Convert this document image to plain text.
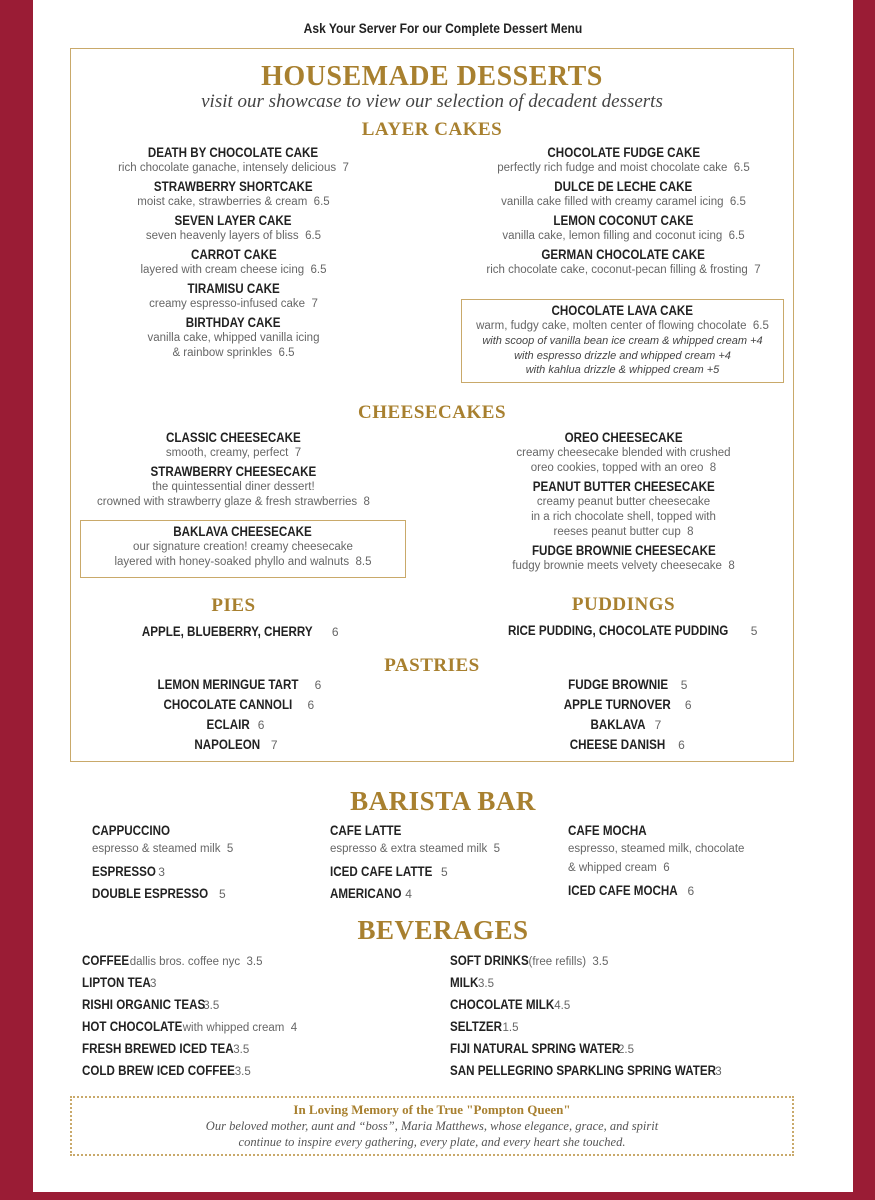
Ask Your Server For our Complete Dessert Menu
HOUSEMADE DESSERTS
visit our showcase to view our selection of decadent desserts
LAYER CAKES
DEATH BY CHOCOLATE CAKE
rich chocolate ganache, intensely delicious  7
STRAWBERRY SHORTCAKE
moist cake, strawberries & cream  6.5
SEVEN LAYER CAKE
seven heavenly layers of bliss  6.5
CARROT CAKE
layered with cream cheese icing  6.5
TIRAMISU CAKE
creamy espresso-infused cake  7
BIRTHDAY CAKE
vanilla cake, whipped vanilla icing
& rainbow sprinkles  6.5
CHOCOLATE FUDGE CAKE
perfectly rich fudge and moist chocolate cake  6.5
DULCE DE LECHE CAKE
vanilla cake filled with creamy caramel icing  6.5
LEMON COCONUT CAKE
vanilla cake, lemon filling and coconut icing  6.5
GERMAN CHOCOLATE CAKE
rich chocolate cake, coconut-pecan filling & frosting  7
CHOCOLATE LAVA CAKE
warm, fudgy cake, molten center of flowing chocolate  6.5
with scoop of vanilla bean ice cream & whipped cream +4
with espresso drizzle and whipped cream +4
with kahlua drizzle & whipped cream +5
CHEESECAKES
CLASSIC CHEESECAKE
smooth, creamy, perfect  7
STRAWBERRY CHEESECAKE
the quintessential diner dessert!
crowned with strawberry glaze & fresh strawberries  8
BAKLAVA CHEESECAKE
our signature creation! creamy cheesecake
layered with honey-soaked phyllo and walnuts  8.5
OREO CHEESECAKE
creamy cheesecake blended with crushed
oreo cookies, topped with an oreo  8
PEANUT BUTTER CHEESECAKE
creamy peanut butter cheesecake
in a rich chocolate shell, topped with
reeses peanut butter cup  8
FUDGE BROWNIE CHEESECAKE
fudgy brownie meets velvety cheesecake  8
PIES
APPLE, BLUEBERRY, CHERRY 6
PUDDINGS
RICE PUDDING, CHOCOLATE PUDDING 5
PASTRIES
LEMON MERINGUE TART 6
CHOCOLATE CANNOLI 6
ECLAIR 6
NAPOLEON 7
FUDGE BROWNIE 5
APPLE TURNOVER 6
BAKLAVA 7
CHEESE DANISH 6
BARISTA BAR
CAPPUCCINO
espresso & steamed milk  5
ESPRESSO 3
DOUBLE ESPRESSO 5
CAFE LATTE
espresso & extra steamed milk  5
ICED CAFE LATTE 5
AMERICANO 4
CAFE MOCHA
espresso, steamed milk, chocolate
& whipped cream  6
ICED CAFE MOCHA 6
BEVERAGES
COFFEEdallis bros. coffee nyc  3.5
LIPTON TEA3
RISHI ORGANIC TEAS3.5
HOT CHOCOLATEwith whipped cream  4
FRESH BREWED ICED TEA3.5
COLD BREW ICED COFFEE3.5
SOFT DRINKS(free refills)  3.5
MILK3.5
CHOCOLATE MILK4.5
SELTZER1.5
FIJI NATURAL SPRING WATER2.5
SAN PELLEGRINO SPARKLING SPRING WATER3
In Loving Memory of the True "Pompton Queen"
Our beloved mother, aunt and “boss”, Maria Matthews, whose elegance, grace, and spirit
continue to inspire every gathering, every plate, and every heart she touched.
